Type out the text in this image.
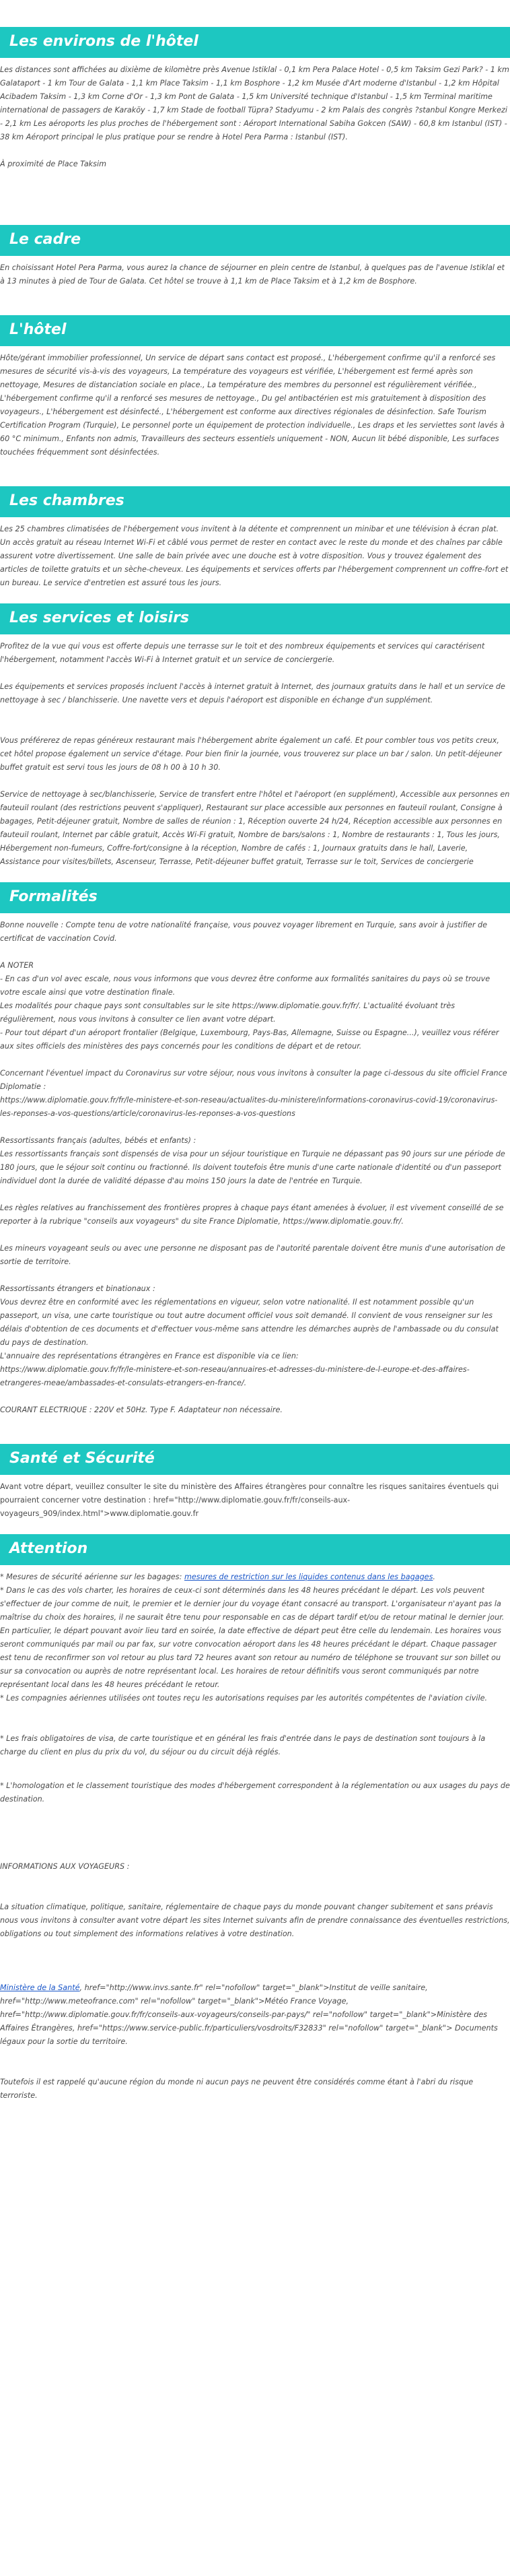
Les environs de l'hôtel

Les distances sont affichées au dixième de kilomètre près Avenue Istiklal - 0,1 km Pera Palace Hotel - 0,5 km Taksim Gezi Park? - 1 km Galataport - 1 km Tour de Galata - 1,1 km Place Taksim - 1,1 km Bosphore - 1,2 km Musée d'Art moderne d'Istanbul - 1,2 km Hôpital Acibadem Taksim - 1,3 km Corne d'Or - 1,3 km Pont de Galata - 1,5 km Université technique d'Istanbul - 1,5 km Terminal maritime international de passagers de Karaköy - 1,7 km Stade de football Tüpra? Stadyumu - 2 km Palais des congrès ?stanbul Kongre Merkezi - 2,1 km Les aéroports les plus proches de l'hébergement sont : Aéroport International Sabiha Gokcen (SAW) - 60,8 km Istanbul (IST) - 38 km Aéroport principal le plus pratique pour se rendre à Hotel Pera Parma : Istanbul (IST).

À proximité de Place Taksim

Le cadre

En choisissant Hotel Pera Parma, vous aurez la chance de séjourner en plein centre de Istanbul, à quelques pas de l'avenue Istiklal et à 13 minutes à pied de Tour de Galata. Cet hôtel se trouve à 1,1 km de Place Taksim et à 1,2 km de Bosphore.

L'hôtel

Hôte/gérant immobilier professionnel, Un service de départ sans contact est proposé., L'hébergement confirme qu'il a renforcé ses mesures de sécurité vis-à-vis des voyageurs, La température des voyageurs est vérifiée, L'hébergement est fermé après son nettoyage, Mesures de distanciation sociale en place., La température des membres du personnel est régulièrement vérifiée., L'hébergement confirme qu'il a renforcé ses mesures de nettoyage., Du gel antibactérien est mis gratuitement à disposition des voyageurs., L'hébergement est désinfecté., L'hébergement est conforme aux directives régionales de désinfection. Safe Tourism Certification Program (Turquie), Le personnel porte un équipement de protection individuelle., Les draps et les serviettes sont lavés à 60 °C minimum., Enfants non admis, Travailleurs des secteurs essentiels uniquement - NON, Aucun lit bébé disponible, Les surfaces touchées fréquemment sont désinfectées.

Les chambres

Les 25 chambres climatisées de l'hébergement vous invitent à la détente et comprennent un minibar et une télévision à écran plat. Un accès gratuit au réseau Internet Wi-Fi et câblé vous permet de rester en contact avec le reste du monde et des chaînes par câble assurent votre divertissement. Une salle de bain privée avec une douche est à votre disposition. Vous y trouvez également des articles de toilette gratuits et un sèche-cheveux. Les équipements et services offerts par l'hébergement comprennent un coffre-fort et un bureau. Le service d'entretien est assuré tous les jours.

Les services et loisirs

Profitez de la vue qui vous est offerte depuis une terrasse sur le toit et des nombreux équipements et services qui caractérisent l'hébergement, notamment l'accès Wi-Fi à Internet gratuit et un service de conciergerie.

Les équipements et services proposés incluent l'accès à internet gratuit à Internet, des journaux gratuits dans le hall et un service de nettoyage à sec / blanchisserie. Une navette vers et depuis l'aéroport est disponible en échange d'un supplément.

Vous préférerez de repas généreux restaurant mais l'hébergement abrite également un café. Et pour combler tous vos petits creux, cet hôtel propose également un service d'étage. Pour bien finir la journée, vous trouverez sur place un bar / salon. Un petit-déjeuner buffet gratuit est servi tous les jours de 08 h 00 à 10 h 30.

Service de nettoyage à sec/blanchisserie, Service de transfert entre l'hôtel et l'aéroport (en supplément), Accessible aux personnes en fauteuil roulant (des restrictions peuvent s'appliquer), Restaurant sur place accessible aux personnes en fauteuil roulant, Consigne à bagages, Petit-déjeuner gratuit, Nombre de salles de réunion : 1, Réception ouverte 24 h/24, Réception accessible aux personnes en fauteuil roulant, Internet par câble gratuit, Accès Wi-Fi gratuit, Nombre de bars/salons : 1, Nombre de restaurants : 1, Tous les jours, Hébergement non-fumeurs, Coffre-fort/consigne à la réception, Nombre de cafés : 1, Journaux gratuits dans le hall, Laverie, Assistance pour visites/billets, Ascenseur, Terrasse, Petit-déjeuner buffet gratuit, Terrasse sur le toit, Services de conciergerie

Formalités

Bonne nouvelle : Compte tenu de votre nationalité française, vous pouvez voyager librement en Turquie, sans avoir à justifier de certificat de vaccination Covid.

A NOTER
- En cas d'un vol avec escale, nous vous informons que vous devrez être conforme aux formalités sanitaires du pays où se trouve votre escale ainsi que votre destination finale.
Les modalités pour chaque pays sont consultables sur le site https://www.diplomatie.gouv.fr/fr/. L'actualité évoluant très régulièrement, nous vous invitons à consulter ce lien avant votre départ.
- Pour tout départ d'un aéroport frontalier (Belgique, Luxembourg, Pays-Bas, Allemagne, Suisse ou Espagne...), veuillez vous référer aux sites officiels des ministères des pays concernés pour les conditions de départ et de retour.

Concernant l'éventuel impact du Coronavirus sur votre séjour, nous vous invitons à consulter la page ci-dessous du site officiel France Diplomatie :
https://www.diplomatie.gouv.fr/fr/le-ministere-et-son-reseau/actualites-du-ministere/informations-coronavirus-covid-19/coronavirus-les-reponses-a-vos-questions/article/coronavirus-les-reponses-a-vos-questions

Ressortissants français (adultes, bébés et enfants) :
Les ressortissants français sont dispensés de visa pour un séjour touristique en Turquie ne dépassant pas 90 jours sur une période de 180 jours, que le séjour soit continu ou fractionné. Ils doivent toutefois être munis d'une carte nationale d'identité ou d'un passeport individuel dont la durée de validité dépasse d'au moins 150 jours la date de l'entrée en Turquie.

Les règles relatives au franchissement des frontières propres à chaque pays étant amenées à évoluer, il est vivement conseillé de se reporter à la rubrique "conseils aux voyageurs" du site France Diplomatie, https://www.diplomatie.gouv.fr/.

Les mineurs voyageant seuls ou avec une personne ne disposant pas de l'autorité parentale doivent être munis d'une autorisation de sortie de territoire.

Ressortissants étrangers et binationaux :
Vous devrez être en conformité avec les réglementations en vigueur, selon votre nationalité. Il est notamment possible qu'un passeport, un visa, une carte touristique ou tout autre document officiel vous soit demandé. Il convient de vous renseigner sur les délais d'obtention de ces documents et d'effectuer vous-même sans attendre les démarches auprès de l'ambassade ou du consulat du pays de destination.
L'annuaire des représentations étrangères en France est disponible via ce lien:
https://www.diplomatie.gouv.fr/fr/le-ministere-et-son-reseau/annuaires-et-adresses-du-ministere-de-l-europe-et-des-affaires-etrangeres-meae/ambassades-et-consulats-etrangers-en-france/.

COURANT ELECTRIQUE : 220V et 50Hz. Type F. Adaptateur non nécessaire.

Santé et Sécurité

Avant votre départ, veuillez consulter le site du ministère des Affaires étrangères pour connaître les risques sanitaires éventuels qui pourraient concerner votre destination : href="http://www.diplomatie.gouv.fr/fr/conseils-aux-voyageurs_909/index.html">www.diplomatie.gouv.fr

Attention

* Mesures de sécurité aérienne sur les bagages: mesures de restriction sur les liquides contenus dans les bagages.

* Dans le cas des vols charter, les horaires de ceux-ci sont déterminés dans les 48 heures précédant le départ. Les vols peuvent s'effectuer de jour comme de nuit, le premier et le dernier jour du voyage étant consacré au transport. L'organisateur n'ayant pas la maîtrise du choix des horaires, il ne saurait être tenu pour responsable en cas de départ tardif et/ou de retour matinal le dernier jour. En particulier, le départ pouvant avoir lieu tard en soirée, la date effective de départ peut être celle du lendemain. Les horaires vous seront communiqués par mail ou par fax, sur votre convocation aéroport dans les 48 heures précédant le départ. Chaque passager est tenu de reconfirmer son vol retour au plus tard 72 heures avant son retour au numéro de téléphone se trouvant sur son billet ou sur sa convocation ou auprès de notre représentant local. Les horaires de retour définitifs vous seront communiqués par notre représentant local dans les 48 heures précédant le retour.
* Les compagnies aériennes utilisées ont toutes reçu les autorisations requises par les autorités compétentes de l'aviation civile.

* Les frais obligatoires de visa, de carte touristique et en général les frais d'entrée dans le pays de destination sont toujours à la charge du client en plus du prix du vol, du séjour ou du circuit déjà réglés.

* L'homologation et le classement touristique des modes d'hébergement correspondent à la réglementation ou aux usages du pays de destination.

INFORMATIONS AUX VOYAGEURS :

La situation climatique, politique, sanitaire, réglementaire de chaque pays du monde pouvant changer subitement et sans préavis
nous vous invitons à consulter avant votre départ les sites Internet suivants afin de prendre connaissance des éventuelles restrictions, obligations ou tout simplement des informations relatives à votre destination.

Ministère de la Santé, href="http://www.invs.sante.fr" rel="nofollow" target="_blank">Institut de veille sanitaire, href="http://www.meteofrance.com" rel="nofollow" target="_blank">Météo France Voyage, href="http://www.diplomatie.gouv.fr/fr/conseils-aux-voyageurs/conseils-par-pays/" rel="nofollow" target="_blank">Ministère des Affaires Étrangères, href="https://www.service-public.fr/particuliers/vosdroits/F32833" rel="nofollow" target="_blank"> Documents légaux pour la sortie du territoire.

Toutefois il est rappelé qu'aucune région du monde ni aucun pays ne peuvent être considérés comme étant à l'abri du risque terroriste.
